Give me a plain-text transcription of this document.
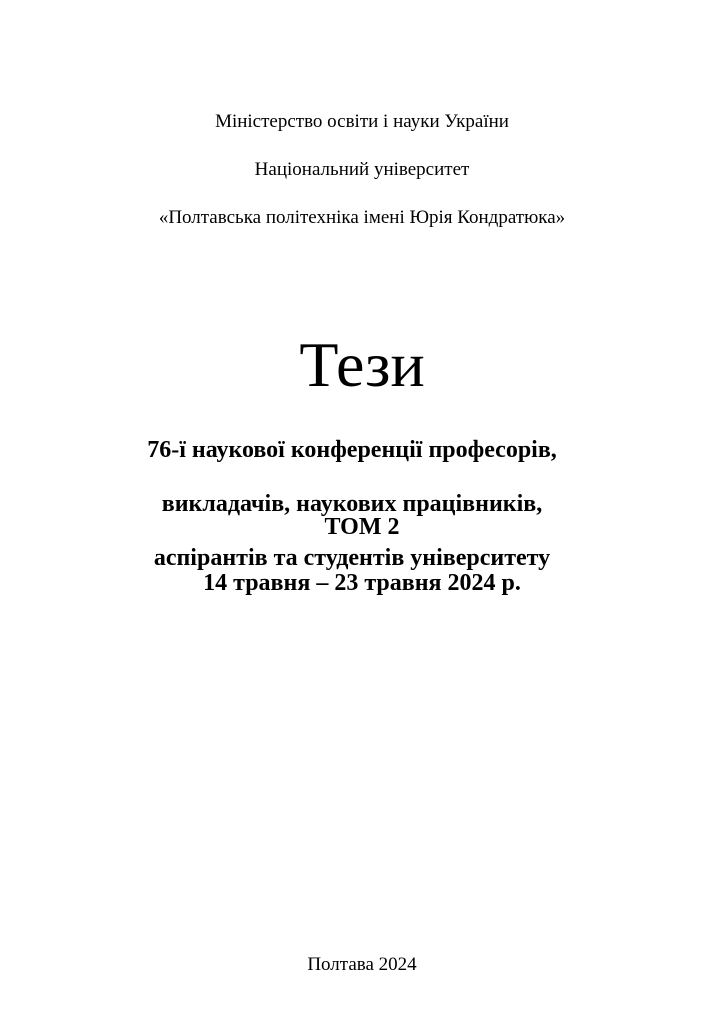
Міністерство освіти і науки України

Національний університет

«Полтавська політехніка імені Юрія Кондратюка»

Тези

76-ї наукової конференції професорів,

викладачів, наукових працівників,

аспірантів та студентів університету

ТОМ 2
14 травня – 23 травня 2024 р.
Полтава 2024
